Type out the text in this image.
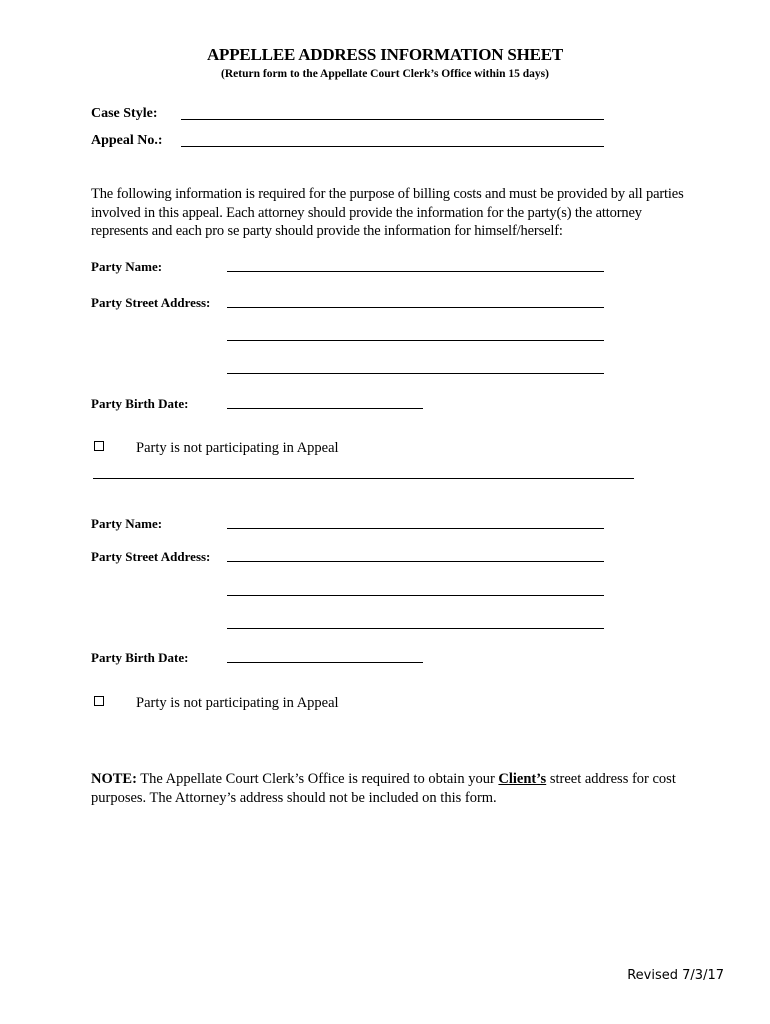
APPELLEE ADDRESS INFORMATION SHEET
(Return form to the Appellate Court Clerk’s Office within 15 days)
Case Style:
Appeal No.:
The following information is required for the purpose of billing costs and must be provided by all parties involved in this appeal. Each attorney should provide the information for the party(s) the attorney represents and each pro se party should provide the information for himself/herself:
Party Name:
Party Street Address:
Party Birth Date:
Party is not participating in Appeal
Party Name:
Party Street Address:
Party Birth Date:
Party is not participating in Appeal
NOTE: The Appellate Court Clerk’s Office is required to obtain your Client’s street address for cost purposes. The Attorney’s address should not be included on this form.
Revised 7/3/17
